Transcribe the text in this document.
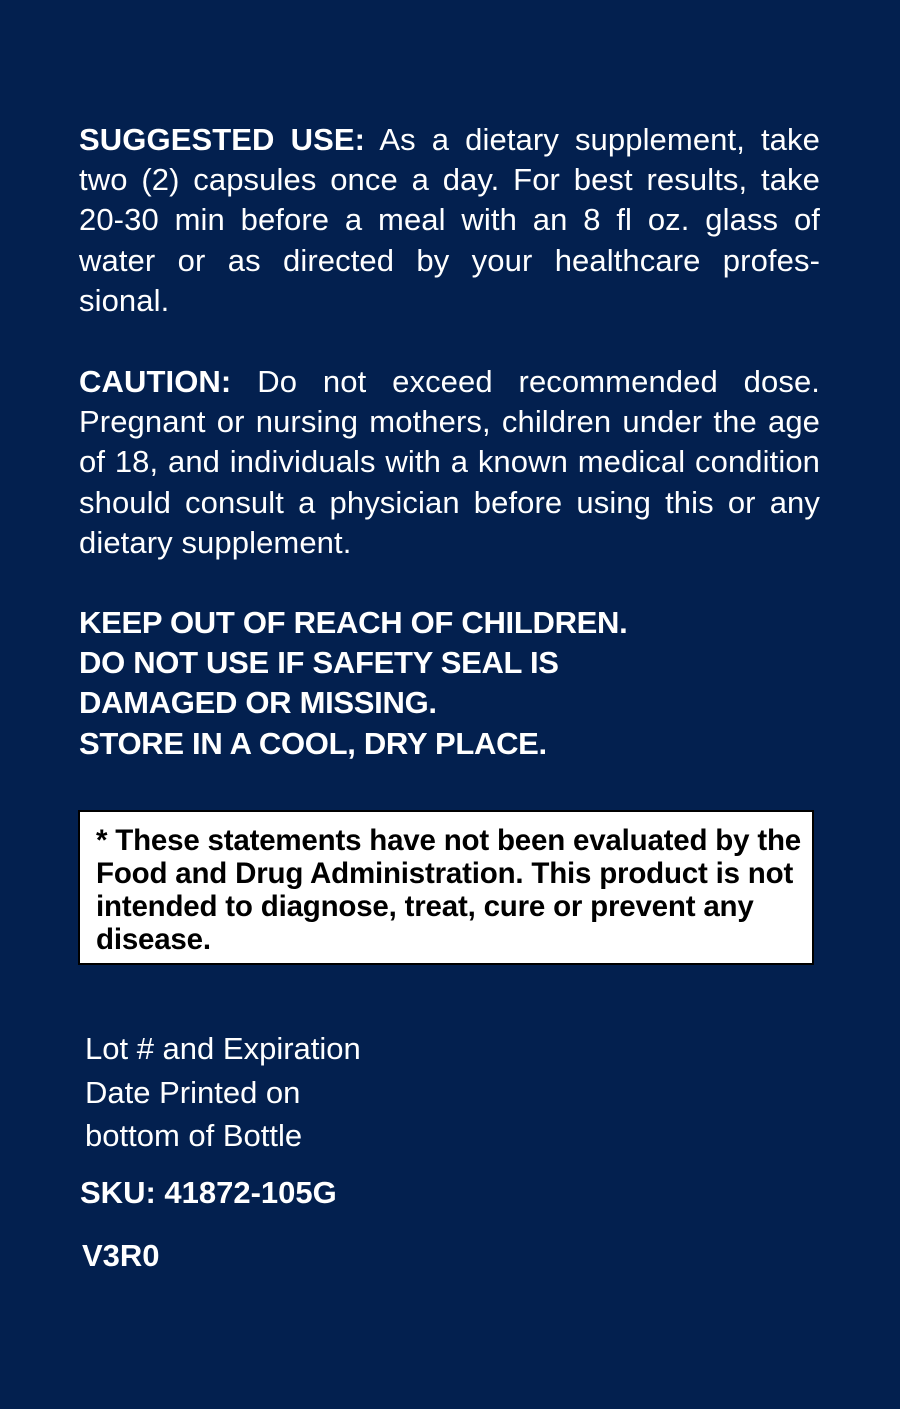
SUGGESTED USE: As a dietary supplement, take two (2) capsules once a day. For best results, take 20-30 min before a meal with an 8 fl oz. glass of water or as directed by your healthcare profes- sional.

CAUTION: Do not exceed recommended dose. Pregnant or nursing mothers, children under the age of 18, and individuals with a known medical condition should consult a physician before using this or any dietary supplement.

KEEP OUT OF REACH OF CHILDREN.
DO NOT USE IF SAFETY SEAL IS
DAMAGED OR MISSING.
STORE IN A COOL, DRY PLACE.

* These statements have not been evaluated by the Food and Drug Administration. This product is not intended to diagnose, treat, cure or prevent any disease.

Lot # and Expiration
Date Printed on
bottom of Bottle

SKU: 41872-105G

V3R0
